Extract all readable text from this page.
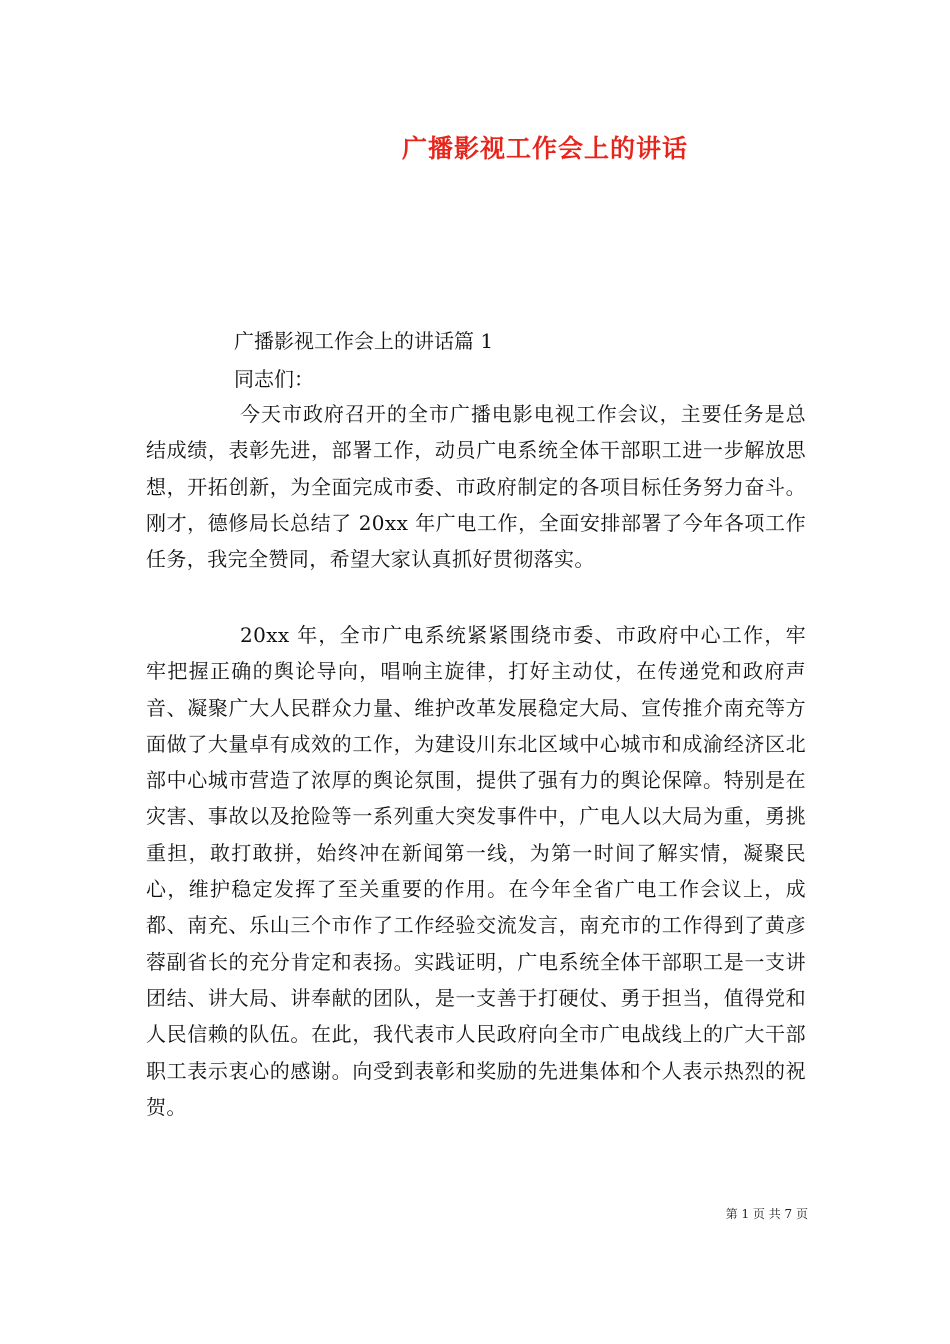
广播影视工作会上的讲话
广播影视工作会上的讲话篇 1
同志们：

今天市政府召开的全市广播电影电视工作会议，主要任务是总结成绩，表彰先进，部署工作，动员广电系统全体干部职工进一步解放思想，开拓创新，为全面完成市委、市政府制定的各项目标任务努力奋斗。刚才，德修局长总结了 20xx 年广电工作，全面安排部署了今年各项工作任务，我完全赞同，希望大家认真抓好贯彻落实。

20xx 年，全市广电系统紧紧围绕市委、市政府中心工作，牢牢把握正确的舆论导向，唱响主旋律，打好主动仗，在传递党和政府声音、凝聚广大人民群众力量、维护改革发展稳定大局、宣传推介南充等方面做了大量卓有成效的工作，为建设川东北区域中心城市和成渝经济区北部中心城市营造了浓厚的舆论氛围，提供了强有力的舆论保障。特别是在灾害、事故以及抢险等一系列重大突发事件中，广电人以大局为重，勇挑重担，敢打敢拼，始终冲在新闻第一线，为第一时间了解实情，凝聚民心，维护稳定发挥了至关重要的作用。在今年全省广电工作会议上，成都、南充、乐山三个市作了工作经验交流发言，南充市的工作得到了黄彦蓉副省长的充分肯定和表扬。实践证明，广电系统全体干部职工是一支讲团结、讲大局、讲奉献的团队，是一支善于打硬仗、勇于担当，值得党和人民信赖的队伍。在此，我代表市人民政府向全市广电战线上的广大干部职工表示衷心的感谢。向受到表彰和奖励的先进集体和个人表示热烈的祝贺。

第 1 页 共 7 页
